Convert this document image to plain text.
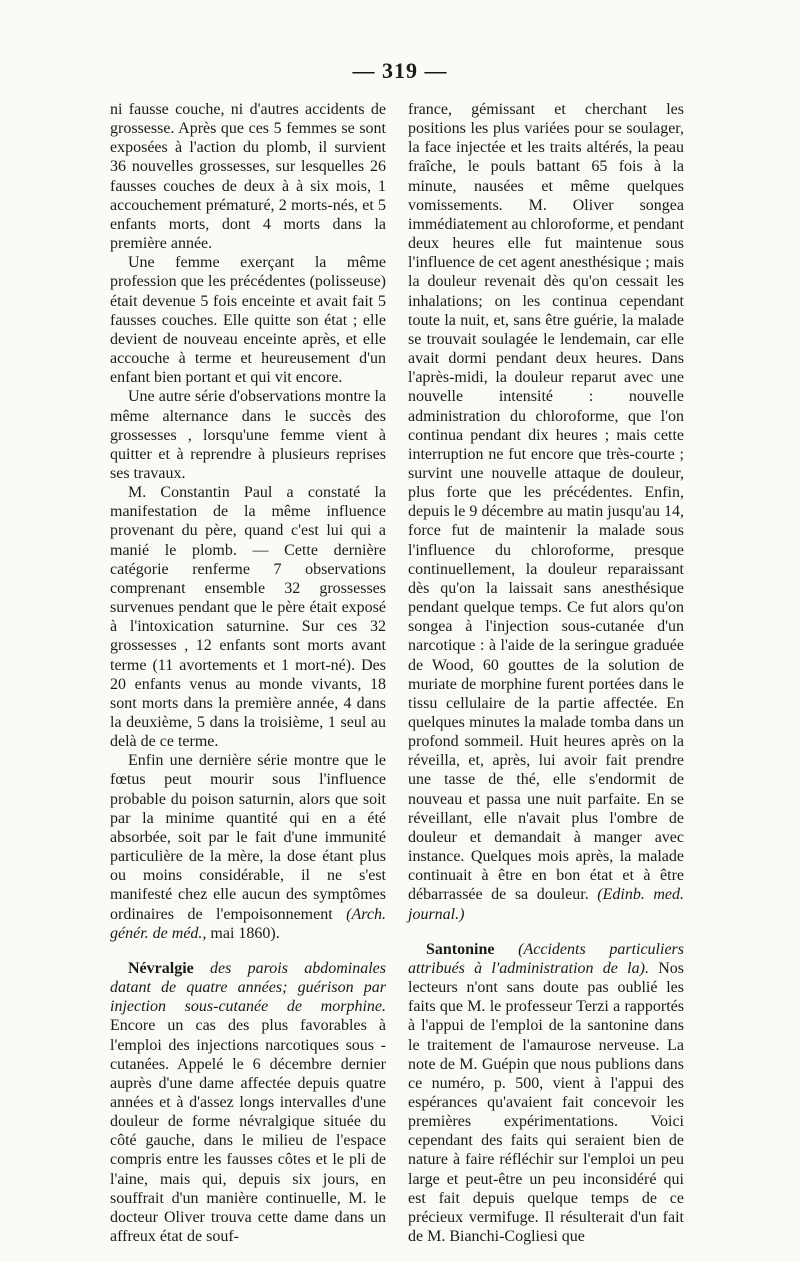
— 319 —

ni fausse couche, ni d'autres accidents de grossesse. Après que ces 5 femmes se sont exposées à l'action du plomb, il survient 36 nouvelles grossesses, sur lesquelles 26 fausses couches de deux à à six mois, 1 accouchement prématuré, 2 morts-nés, et 5 enfants morts, dont 4 morts dans la première année.

Une femme exerçant la même profession que les précédentes (polisseuse) était devenue 5 fois enceinte et avait fait 5 fausses couches. Elle quitte son état ; elle devient de nouveau enceinte après, et elle accouche à terme et heureusement d'un enfant bien portant et qui vit encore.

Une autre série d'observations montre la même alternance dans le succès des grossesses , lorsqu'une femme vient à quitter et à reprendre à plusieurs reprises ses travaux.

M. Constantin Paul a constaté la manifestation de la même influence provenant du père, quand c'est lui qui a manié le plomb. — Cette dernière catégorie renferme 7 observations comprenant ensemble 32 grossesses survenues pendant que le père était exposé à l'intoxication saturnine. Sur ces 32 grossesses , 12 enfants sont morts avant terme (11 avortements et 1 mort-né). Des 20 enfants venus au monde vivants, 18 sont morts dans la première année, 4 dans la deuxième, 5 dans la troisième, 1 seul au delà de ce terme.

Enfin une dernière série montre que le fœtus peut mourir sous l'influence probable du poison saturnin, alors que soit par la minime quantité qui en a été absorbée, soit par le fait d'une immunité particulière de la mère, la dose étant plus ou moins considérable, il ne s'est manifesté chez elle aucun des symptômes ordinaires de l'empoisonnement (Arch. génér. de méd., mai 1860).

Névralgie des parois abdominales datant de quatre années; guérison par injection sous-cutanée de morphine. Encore un cas des plus favorables à l'emploi des injections narcotiques sous - cutanées. Appelé le 6 décembre dernier auprès d'une dame affectée depuis quatre années et à d'assez longs intervalles d'une douleur de forme névralgique située du côté gauche, dans le milieu de l'espace compris entre les fausses côtes et le pli de l'aine, mais qui, depuis six jours, en souffrait d'un manière continuelle, M. le docteur Oliver trouva cette dame dans un affreux état de souf-

france, gémissant et cherchant les positions les plus variées pour se soulager, la face injectée et les traits altérés, la peau fraîche, le pouls battant 65 fois à la minute, nausées et même quelques vomissements. M. Oliver songea immédiatement au chloroforme, et pendant deux heures elle fut maintenue sous l'influence de cet agent anesthésique ; mais la douleur revenait dès qu'on cessait les inhalations; on les continua cependant toute la nuit, et, sans être guérie, la malade se trouvait soulagée le lendemain, car elle avait dormi pendant deux heures. Dans l'après-midi, la douleur reparut avec une nouvelle intensité : nouvelle administration du chloroforme, que l'on continua pendant dix heures ; mais cette interruption ne fut encore que très-courte ; survint une nouvelle attaque de douleur, plus forte que les précédentes. Enfin, depuis le 9 décembre au matin jusqu'au 14, force fut de maintenir la malade sous l'influence du chloroforme, presque continuellement, la douleur reparaissant dès qu'on la laissait sans anesthésique pendant quelque temps. Ce fut alors qu'on songea à l'injection sous-cutanée d'un narcotique : à l'aide de la seringue graduée de Wood, 60 gouttes de la solution de muriate de morphine furent portées dans le tissu cellulaire de la partie affectée. En quelques minutes la malade tomba dans un profond sommeil. Huit heures après on la réveilla, et, après, lui avoir fait prendre une tasse de thé, elle s'endormit de nouveau et passa une nuit parfaite. En se réveillant, elle n'avait plus l'ombre de douleur et demandait à manger avec instance. Quelques mois après, la malade continuait à être en bon état et à être débarrassée de sa douleur. (Edinb. med. journal.)

Santonine (Accidents particuliers attribués à l'administration de la). Nos lecteurs n'ont sans doute pas oublié les faits que M. le professeur Terzi a rapportés à l'appui de l'emploi de la santonine dans le traitement de l'amaurose nerveuse. La note de M. Guépin que nous publions dans ce numéro, p. 500, vient à l'appui des espérances qu'avaient fait concevoir les premières expérimentations. Voici cependant des faits qui seraient bien de nature à faire réfléchir sur l'emploi un peu large et peut-être un peu inconsidéré qui est fait depuis quelque temps de ce précieux vermifuge. Il résulterait d'un fait de M. Bianchi-Cogliesi que
